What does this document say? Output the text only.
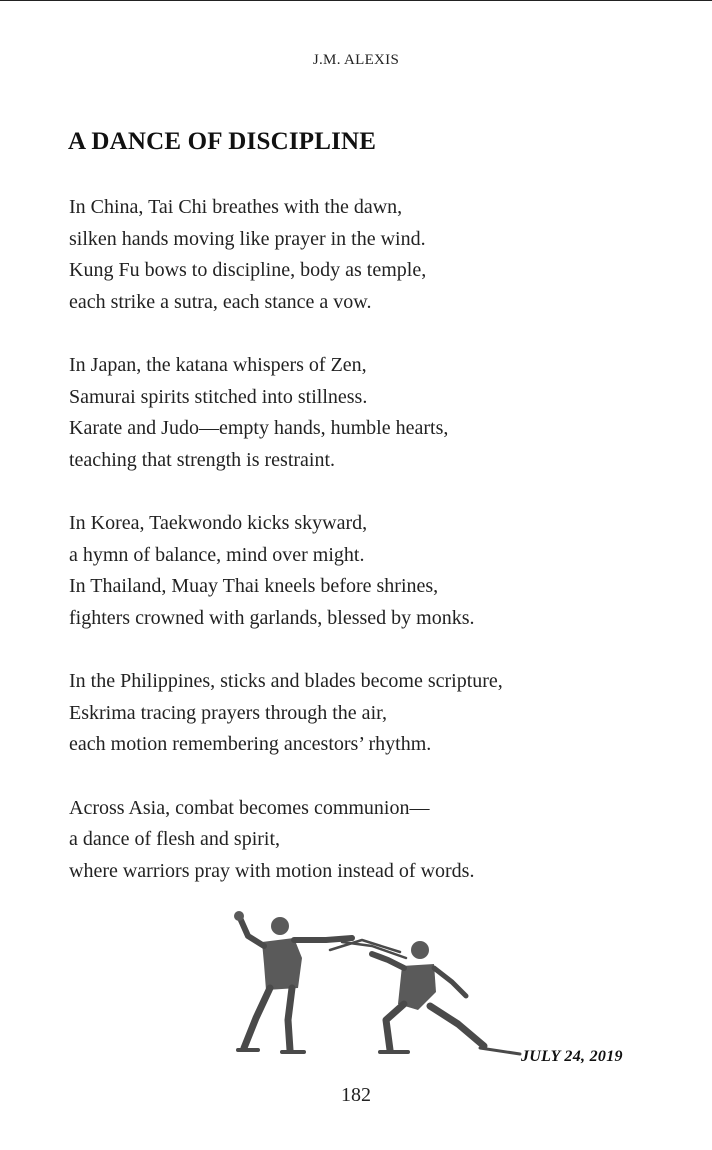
J.M. ALEXIS
A DANCE OF DISCIPLINE
In China, Tai Chi breathes with the dawn,
silken hands moving like prayer in the wind.
Kung Fu bows to discipline, body as temple,
each strike a sutra, each stance a vow.
In Japan, the katana whispers of Zen,
Samurai spirits stitched into stillness.
Karate and Judo—empty hands, humble hearts,
teaching that strength is restraint.
In Korea, Taekwondo kicks skyward,
a hymn of balance, mind over might.
In Thailand, Muay Thai kneels before shrines,
fighters crowned with garlands, blessed by monks.
In the Philippines, sticks and blades become scripture,
Eskrima tracing prayers through the air,
each motion remembering ancestors’ rhythm.
Across Asia, combat becomes communion—
a dance of flesh and spirit,
where warriors pray with motion instead of words.
JULY 24, 2019
182
